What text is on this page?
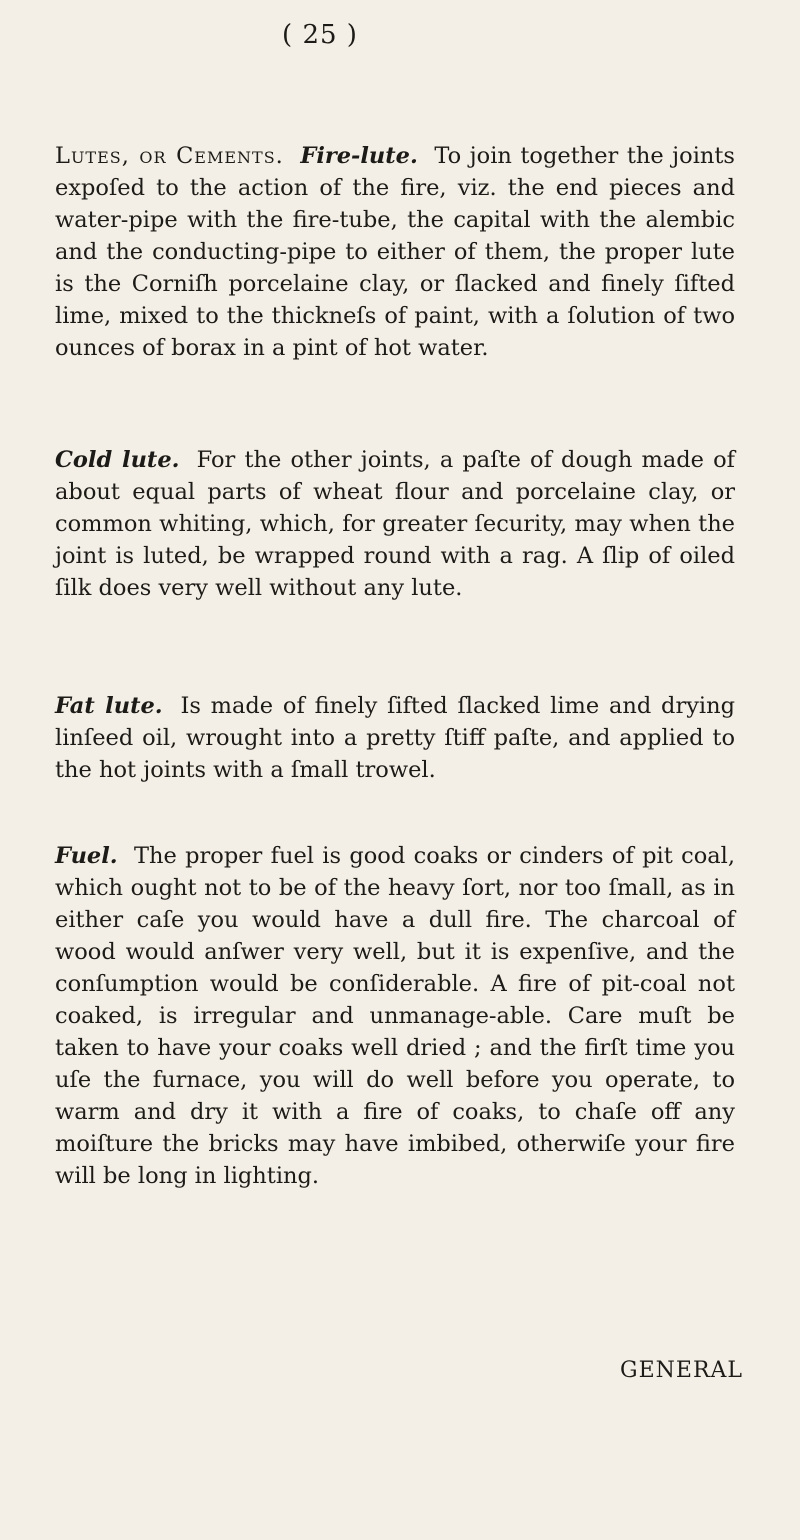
( 25 )

Lutes, or Cements. Fire-lute. To join together the joints expoſed to the action of the fire, viz. the end pieces and water-pipe with the fire-tube, the capital with the alembic and the conducting-pipe to either of them, the proper lute is the Corniſh porcelaine clay, or ſlacked and finely ſifted lime, mixed to the thickneſs of paint, with a ſolution of two ounces of borax in a pint of hot water.

Cold lute. For the other joints, a paſte of dough made of about equal parts of wheat flour and porcelaine clay, or common whiting, which, for greater ſecurity, may when the joint is luted, be wrapped round with a rag. A ſlip of oiled ſilk does very well without any lute.

Fat lute. Is made of finely ſifted ſlacked lime and drying linſeed oil, wrought into a pretty ſtiff paſte, and applied to the hot joints with a ſmall trowel.

Fuel. The proper fuel is good coaks or cinders of pit coal, which ought not to be of the heavy ſort, nor too ſmall, as in either caſe you would have a dull fire. The charcoal of wood would anſwer very well, but it is expenſive, and the conſumption would be conſiderable. A fire of pit-coal not coaked, is irregular and unmanage-able. Care muſt be taken to have your coaks well dried ; and the firſt time you uſe the furnace, you will do well before you operate, to warm and dry it with a fire of coaks, to chaſe off any moiſture the bricks may have imbibed, otherwiſe your fire will be long in lighting.

GENERAL
